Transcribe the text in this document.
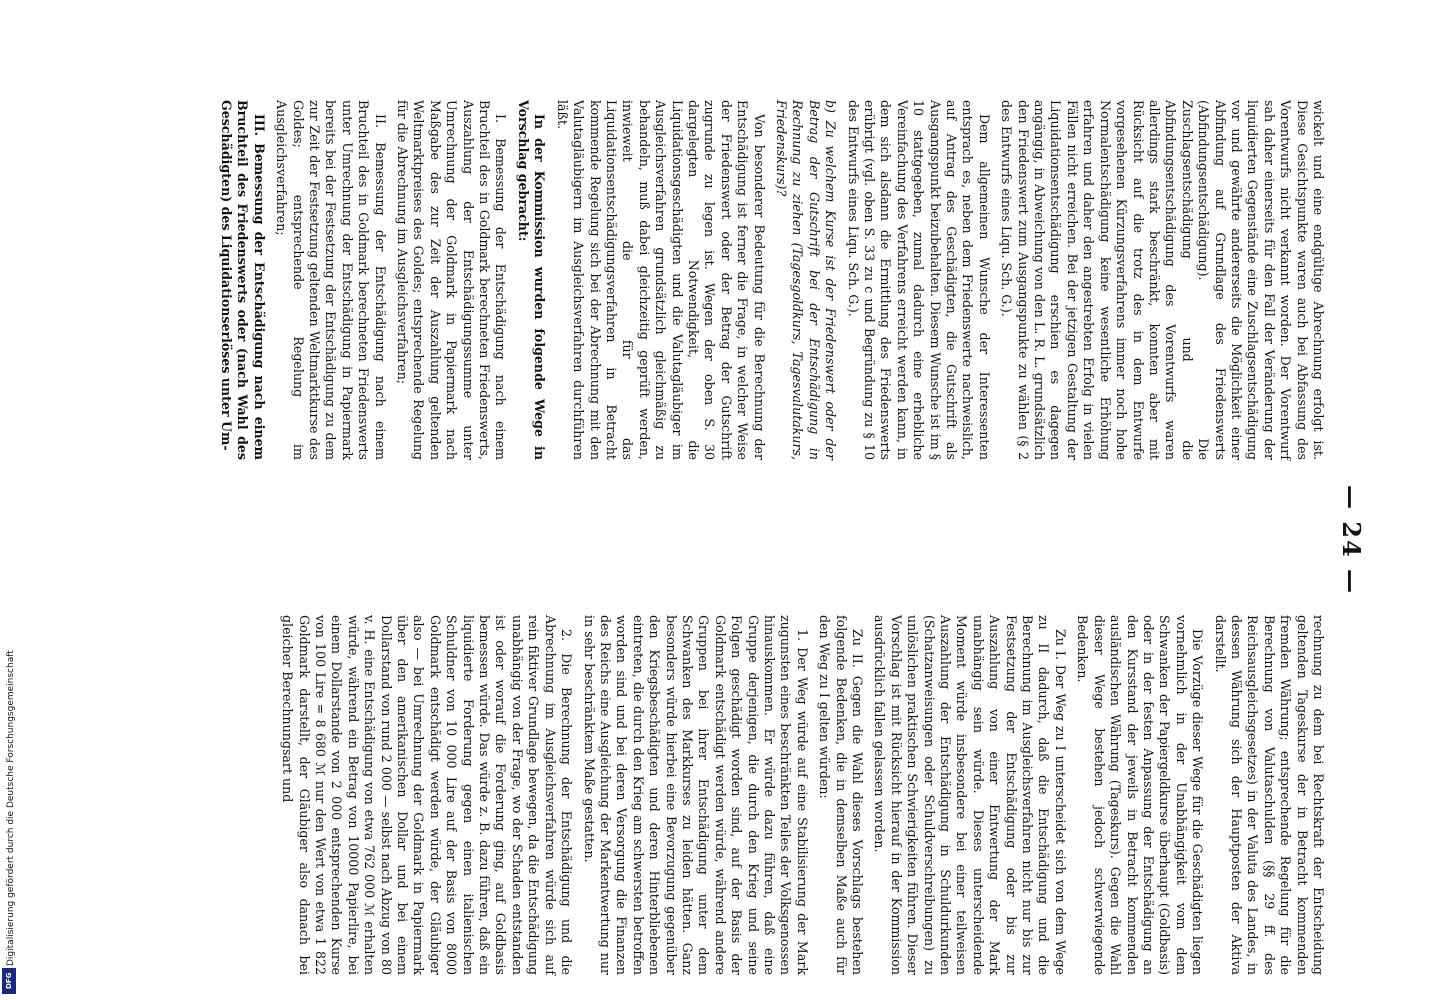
— 24 —

rechnung zu dem bei Rechtskraft der Entscheidung geltenden Tageskurse der in Betracht kommenden fremden Währung; entsprechende Regelung für die Berechnung von Valutaschulden (§§ 29 ff. des Reichsausgleichsgesetzes) in der Valuta des Landes, in dessen Währung sich der Hauptposten der Aktiva darstellt.

Die Vorzüge dieser Wege für die Geschädigten liegen vornehmlich in der Unabhängigkeit vom dem Schwanken der Papiergeldkurse überhaupt (Goldbasis) oder in der festen Anpassung der Entschädigung an den Kursstand der jeweils in Betracht kommenden ausländischen Währung (Tageskurs). Gegen die Wahl dieser Wege bestehen jedoch schwerwiegende Bedenken.

Zu I. Der Weg zu I unterscheidet sich von dem Wege zu II dadurch, daß die Entschädigung und die Berechnung im Ausgleichsverfahren nicht nur bis zur Festsetzung der Entschädigung oder bis zur Auszahlung von einer Entwertung der Mark unabhängig sein würde. Dieses unterscheidende Moment würde insbesondere bei einer teilweisen Auszahlung der Entschädigung in Schuldurkunden (Schatzanweisungen oder Schuldverschreibungen) zu unlöslichen praktischen Schwierigkeiten führen. Dieser Vorschlag ist mit Rücksicht hierauf in der Kommission ausdrücklich fallen gelassen worden.

Zu II. Gegen die Wahl dieses Vorschlags bestehen folgende Bedenken, die in demselben Maße auch für den Weg zu I gelten würden:

1. Der Weg würde auf eine Stabilisierung der Mark zugunsten eines beschränkten Teiles der Volksgenossen hinauskommen. Er würde dazu führen, daß eine Gruppe derjenigen, die durch den Krieg und seine Folgen geschädigt worden sind, auf der Basis der Goldmark entschädigt werden würde, während andere Gruppen bei ihrer Entschädigung unter dem Schwanken des Markkurses zu leiden hätten. Ganz besonders würde hierbei eine Bevorzugung gegenüber den Kriegsbeschädigten und deren Hinterbliebenen eintreten, die durch den Krieg am schwersten betroffen worden sind und bei deren Versorgung die Finanzen des Reichs eine Ausgleichung der Markentwertung nur in sehr beschränktem Maße gestatten.

2. Die Berechnung der Entschädigung und die Abrechnung im Ausgleichsverfahren würde sich auf rein fiktiver Grundlage bewegen, da die Entschädigung unabhängig von der Frage, wo der Schaden entstanden ist oder worauf die Forderung ging, auf Goldbasis bemessen würde. Das würde z. B. dazu führen, daß ein liquidierte Forderung gegen einen italienischen Schuldner von 10 000 Lire auf der Basis von 8000 Goldmark entschädigt werden würde, der Gläubiger also — bei Umrechnung der Goldmark in Papiermark über den amerikanischen Dollar und bei einem Dollarstand von rund 2 000 — selbst nach Abzug von 80 v. H. eine Entschädigung von etwa 762 000 ℳ erhalten würde, während ein Betrag von 10000 Papierlire, bei einem Dollarstande von 2 000 entsprechenden Kurse von 100 Lire = 8 680 ℳ nur den Wert von etwa 1 822 Goldmark darstellt, der Gläubiger also danach bei gleicher Berechnungsart und

wickelt und eine endgültige Abrechnung erfolgt ist. Diese Gesichtspunkte waren auch bei Abfassung des Vorentwurfs nicht verkannt worden. Der Vorentwurf sah daher einerseits für den Fall der Veränderung der liquidierten Gegenstände eine Zuschlagsentschädigung vor und gewährte andererseits die Möglichkeit einer Abfindung auf Grundlage des Friedenswerts (Abfindungsentschädigung). Die Zuschlagsentschädigung und die Abfindungsentschädigung des Vorentwurfs waren allerdings stark beschränkt, konnten aber mit Rücksicht auf die trotz des in dem Entwurfe vorgesehenen Kürzungsverfahrens immer noch hohe Normalentschädigung keine wesentliche Erhöhung erfahren und daher den angestrebten Erfolg in vielen Fällen nicht erreichen. Bei der jetzigen Gestaltung der Liquidationsentschädigung erschien es dagegen angängig, in Abweichung von den L. R. L. grundsätzlich den Friedenswert zum Ausgangspunkte zu wählen (§ 2 des Entwurfs eines Liqu. Sch. G.).

Dem allgemeinen Wunsche der Interessenten entsprach es, neben dem Friedenswerte nachweislich, auf Antrag des Geschädigten, die Gutschrift als Ausgangspunkt beizubehalten. Diesem Wunsche ist im § 10 stattgegeben, zumal dadurch eine erhebliche Vereinfachung des Verfahrens erreicht werden kann, in dem sich alsdann die Ermittlung des Friedenswerts erübrigt (vgl. oben S. 33 zu c und Begründung zu § 10 des Entwurfs eines Liqu. Sch. G.).

b) Zu welchem Kurse ist der Friedenswert oder der Betrag der Gutschrift bei der Entschädigung in Rechnung zu ziehen (Tagesgoldkurs, Tagesvalutakurs, Friedenskurs)?

Von besonderer Bedeutung für die Berechnung der Entschädigung ist ferner die Frage, in welcher Weise der Friedenswert oder der Betrag der Gutschrift zugrunde zu legen ist. Wegen der oben S. 30 dargelegten Notwendigkeit, die Liquidationsgeschädigten und die Valutagläubiger im Ausgleichsverfahren grundsätzlich gleichmäßig zu behandeln, muß dabei gleichzeitig geprüft werden, inwieweit die für das Liquidationsentschädigungsverfahren in Betracht kommende Regelung sich bei der Abrechnung mit den Valutagläubigern im Ausgleichsverfahren durchführen läßt.

In der Kommission wurden folgende Wege in Vorschlag gebracht:

I. Bemessung der Entschädigung nach einem Bruchteil des in Goldmark berechneten Friedenswerts, Auszahlung der Entschädigungssumme unter Umrechnung der Goldmark in Papiermark nach Maßgabe des zur Zeit der Auszahlung geltenden Weltmarktpreises des Goldes; entsprechende Regelung für die Abrechnung im Ausgleichsverfahren;

II. Bemessung der Entschädigung nach einem Bruchteil des in Goldmark berechneten Friedenswerts unter Umrechnung der Entschädigung in Papiermark bereits bei der Festsetzung der Entschädigung zu dem zur Zeit der Festsetzung geltenden Weltmarktkurse des Goldes; entsprechende Regelung im Ausgleichsverfahren;

III. Bemessung der Entschädigung nach einem Bruchteil des Friedenswerts oder (nach Wahl des Geschädigten) des Liquidationserlöses unter Um-

Digitalisierung gefördert durch die Deutsche Forschungsgemeinschaft
DFG
